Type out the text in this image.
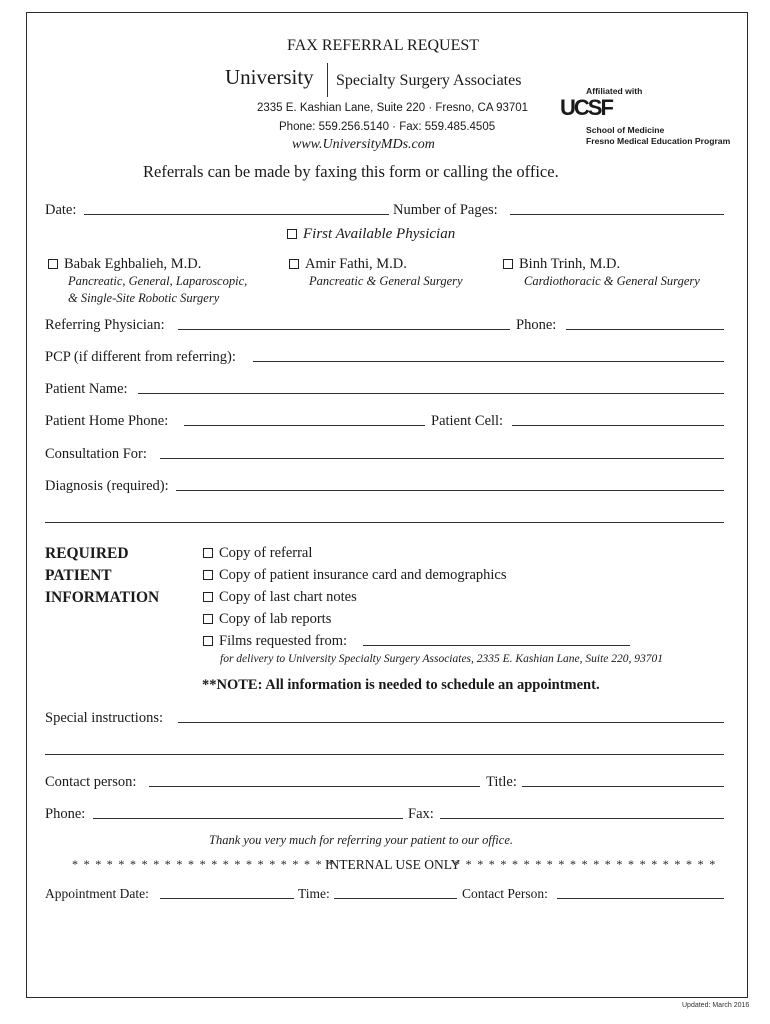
FAX REFERRAL REQUEST
University Specialty Surgery Associates
2335 E. Kashian Lane, Suite 220 · Fresno, CA 93701
Phone: 559.256.5140 · Fax: 559.485.4505
www.UniversityMDs.com
Affiliated with
UCSF
School of Medicine
Fresno Medical Education Program
Referrals can be made by faxing this form or calling the office.
Date:	Number of Pages:
First Available Physician
Babak Eghbalieh, M.D.
Pancreatic, General, Laparoscopic,
& Single-Site Robotic Surgery
Amir Fathi, M.D.
Pancreatic & General Surgery
Binh Trinh, M.D.
Cardiothoracic & General Surgery
Referring Physician:	Phone:
PCP (if different from referring):
Patient Name:
Patient Home Phone:	Patient Cell:
Consultation For:
Diagnosis (required):
REQUIRED
PATIENT
INFORMATION
Copy of referral
Copy of patient insurance card and demographics
Copy of last chart notes
Copy of lab reports
Films requested from:
for delivery to University Specialty Surgery Associates, 2335 E. Kashian Lane, Suite 220, 93701
**NOTE: All information is needed to schedule an appointment.
Special instructions:
Contact person:	Title:
Phone:	Fax:
Thank you very much for referring your patient to our office.
* * * * * * * * * * * * * * * * * * * * * * *
INTERNAL USE ONLY
* * * * * * * * * * * * * * * * * * * * * * *
Appointment Date:	Time:	Contact Person:
Updated: March 2016
